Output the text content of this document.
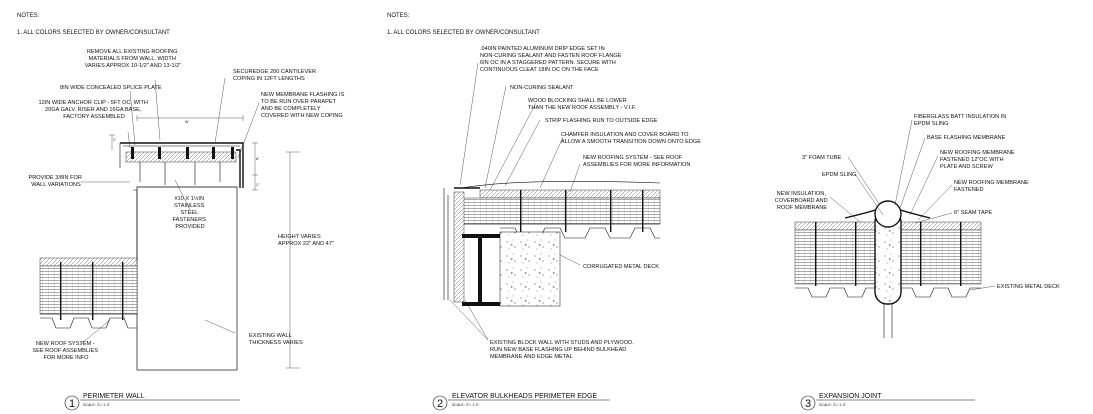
NOTES:
1. ALL COLORS SELECTED BY OWNER/CONSULTANT
NOTES:
1. ALL COLORS SELECTED BY OWNER/CONSULTANT
W
1"
6"
1"
REMOVE ALL EXISTING ROOFING MATERIALS FROM WALL. WIDTH VARIES APPROX 10-1/2" AND 13-1/2"
SECUREDGE 200 CANTILEVER COPING IN 12FT LENGTHS
8IN WIDE CONCEALED SPLICE PLATE
NEW MEMBRANE FLASHING IS TO BE RUN OVER PARAPET AND BE COMPLETELY COVERED WITH NEW COPING
12IN WIDE ANCHOR CLIP - 5FT OC. WITH 20GA GALV. RISER AND 16GA BASE, FACTORY ASSEMBLED
PROVIDE 3/8IN FOR WALL VARIATIONS
#10 X 1½IN STAINLESS STEEL FASTENERS PROVIDED
HEIGHT VARIES APPROX 22" AND 47"
EXISTING WALL THICKNESS VARIES
NEW ROOF SYSTEM - SEE ROOF ASSEMBLIES FOR MORE INFO
1
PERIMETER WALL
SCALE: 3"= 1'-0"
.040IN PAINTED ALUMINUM DRIP EDGE SET IN NON-CURING SEALANT AND FASTEN ROOF FLANGE 6IN OC IN A STAGGERED PATTERN. SECURE WITH CONTINUOUS CLEAT 18IN OC ON THE FACE
NON-CURING SEALANT
WOOD BLOCKING SHALL BE LOWER THAN THE NEW ROOF ASSEMBLY - V.I.F.
STRIP FLASHING RUN TO OUTSIDE EDGE
CHAMFER INSULATION AND COVER BOARD TO ALLOW A SMOOTH TRANSITION DOWN ONTO EDGE
NEW ROOFING SYSTEM - SEE ROOF ASSEMBLIES FOR MORE INFORMATION
CORRUGATED METAL DECK
EXISTING BLOCK WALL WITH STUDS AND PLYWOOD. RUN NEW BASE FLASHING UP BEHIND BULKHEAD MEMBRANE AND EDGE METAL
2
ELEVATOR BULKHEADS PERIMETER EDGE
SCALE: 3"= 1'-0"
FIBERGLASS BATT INSULATION IN EPDM SLING
BASE FLASHING MEMBRANE
3" FOAM TUBE
NEW ROOFING MEMBRANE FASTENED 12"OC WITH PLATE AND SCREW
EPDM SLING
NEW ROOFING MEMBRANE FASTENED
NEW INSULATION, COVERBOARD AND ROOF MEMBRANE
6" SEAM TAPE
EXISTING METAL DECK
3
EXPANSION JOINT
SCALE: 3"= 1'-0"
